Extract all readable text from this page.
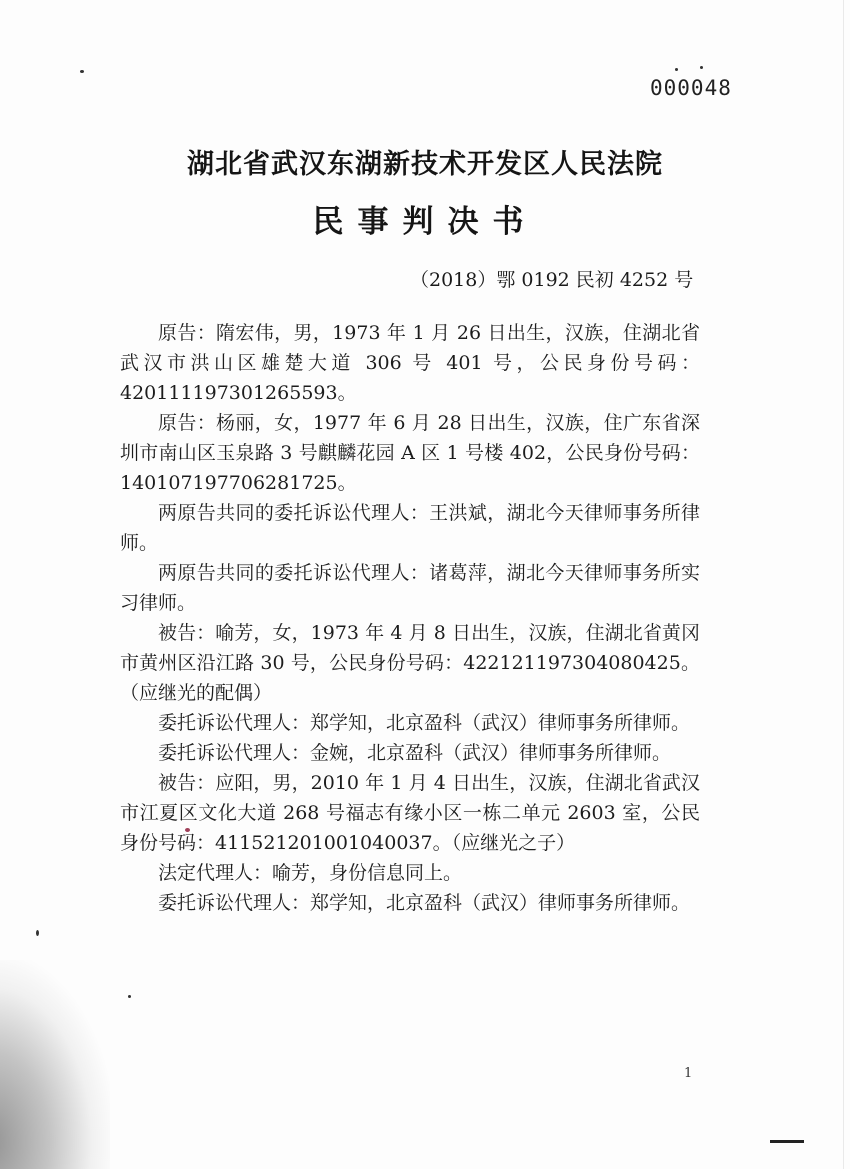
000048
湖北省武汉东湖新技术开发区人民法院
民事判决书
（2018）鄂 0192 民初 4252 号

原告：隋宏伟，男，1973 年 1 月 26 日出生，汉族，住湖北省武汉市洪山区雄楚大道 306 号 401 号，公民身份号码：420111197301265593。

原告：杨丽，女，1977 年 6 月 28 日出生，汉族，住广东省深圳市南山区玉泉路 3 号麒麟花园 A 区 1 号楼 402，公民身份号码：140107197706281725。

两原告共同的委托诉讼代理人：王洪斌，湖北今天律师事务所律师。

两原告共同的委托诉讼代理人：诸葛萍，湖北今天律师事务所实习律师。

被告：喻芳，女，1973 年 4 月 8 日出生，汉族，住湖北省黄冈市黄州区沿江路 30 号，公民身份号码：422121197304080425。（应继光的配偶）

委托诉讼代理人：郑学知，北京盈科（武汉）律师事务所律师。

委托诉讼代理人：金婉，北京盈科（武汉）律师事务所律师。

被告：应阳，男，2010 年 1 月 4 日出生，汉族，住湖北省武汉市江夏区文化大道 268 号福志有缘小区一栋二单元 2603 室，公民身份号码：411521201001040037。（应继光之子）

法定代理人：喻芳，身份信息同上。

委托诉讼代理人：郑学知，北京盈科（武汉）律师事务所律师。

1
